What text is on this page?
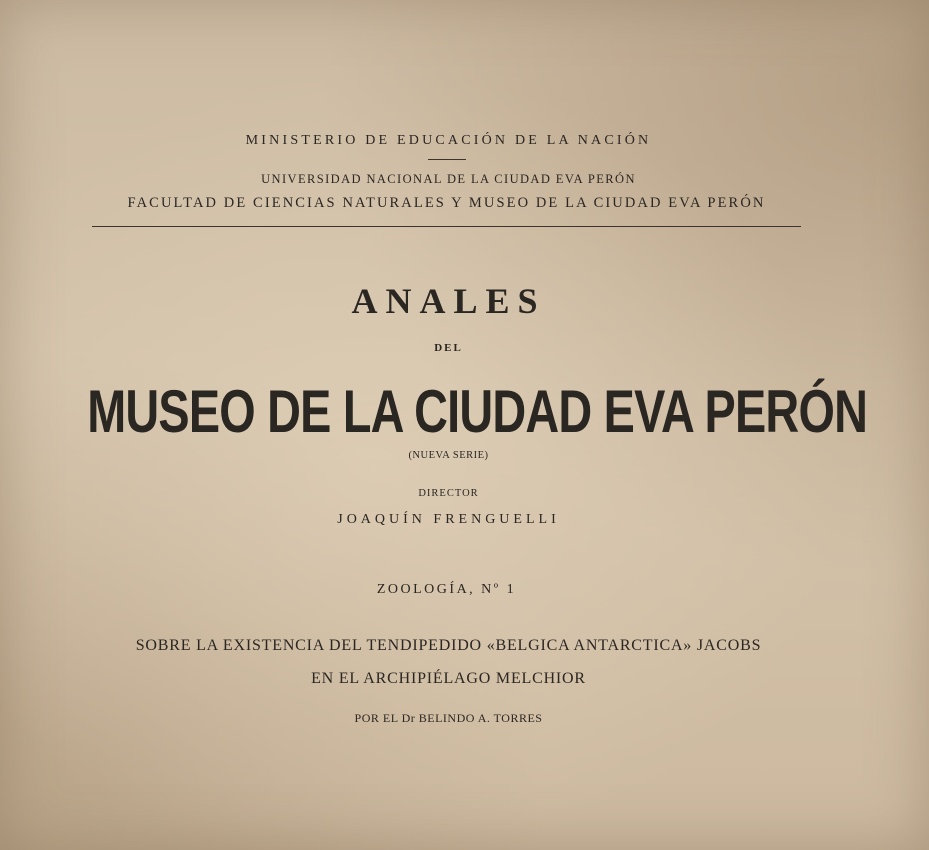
MINISTERIO DE EDUCACIÓN DE LA NACIÓN
UNIVERSIDAD NACIONAL DE LA CIUDAD EVA PERÓN
FACULTAD DE CIENCIAS NATURALES Y MUSEO DE LA CIUDAD EVA PERÓN
ANALES
DEL
MUSEO DE LA CIUDAD EVA PERÓN
(NUEVA SERIE)
DIRECTOR
JOAQUÍN FRENGUELLI
ZOOLOGÍA, Nº 1
SOBRE LA EXISTENCIA DEL TENDIPEDIDO «BELGICA ANTARCTICA» JACOBS
EN EL ARCHIPIÉLAGO MELCHIOR
POR EL Dr BELINDO A. TORRES
